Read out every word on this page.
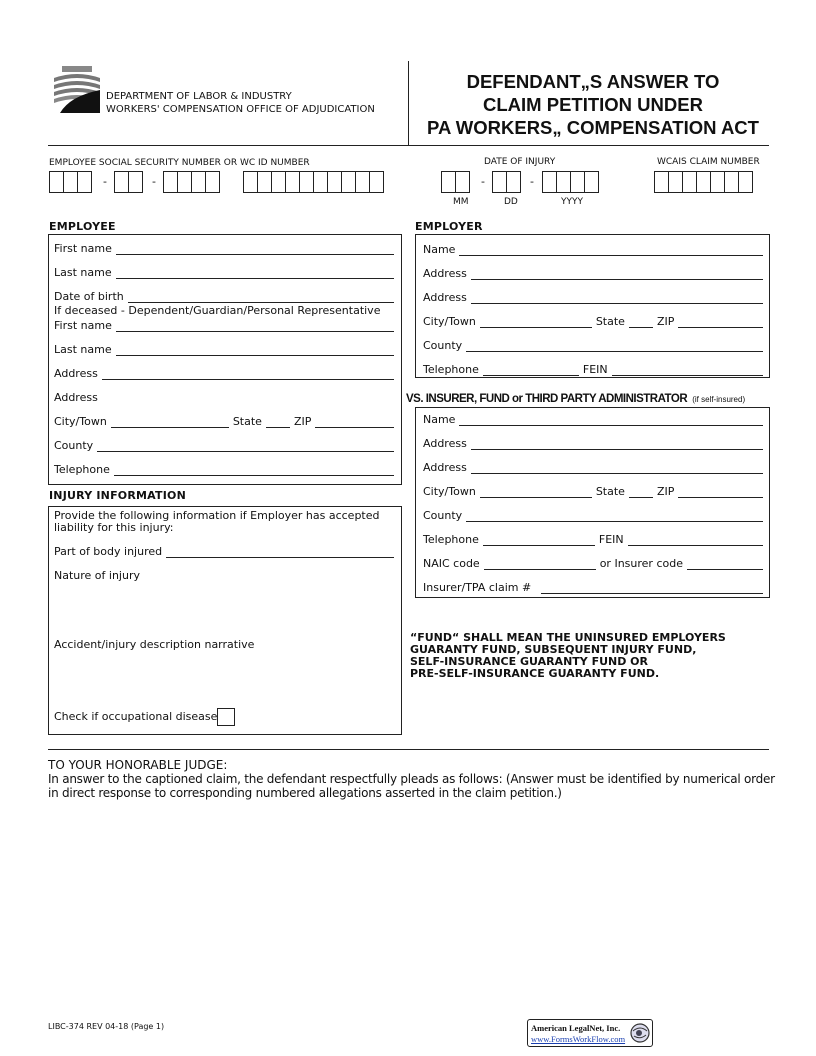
DEPARTMENT OF LABOR & INDUSTRY
WORKERS' COMPENSATION OFFICE OF ADJUDICATION
DEFENDANT„S ANSWER TO
CLAIM PETITION UNDER
PA WORKERS„ COMPENSATION ACT
EMPLOYEE SOCIAL SECURITY NUMBER OR WC ID NUMBER	DATE OF INJURY	WCAIS CLAIM NUMBER
-	-	-	-
MM	DD	YYYY
EMPLOYEE
First name
Last name
Date of birth
If deceased - Dependent/Guardian/Personal Representative
First name
Last name
Address
Address
City/Town	State	ZIP
County
Telephone
INJURY INFORMATION
Provide the following information if Employer has accepted liability for this injury:
Part of body injured
Nature of injury
Accident/injury description narrative
Check if occupational disease
EMPLOYER
Name
Address
Address
City/Town	State	ZIP
County
Telephone	FEIN
VS. INSURER, FUND or THIRD PARTY ADMINISTRATOR (if self-insured)
Name
Address
Address
City/Town	State	ZIP
County
Telephone	FEIN
NAIC code	or Insurer code
Insurer/TPA claim #
“FUND“ SHALL MEAN THE UNINSURED EMPLOYERS
GUARANTY FUND, SUBSEQUENT INJURY FUND,
SELF-INSURANCE GUARANTY FUND OR
PRE-SELF-INSURANCE GUARANTY FUND.
TO YOUR HONORABLE JUDGE:
In answer to the captioned claim, the defendant respectfully pleads as follows: (Answer must be identified by numerical order
in direct response to corresponding numbered allegations asserted in the claim petition.)
LIBC-374 REV 04-18 (Page 1)	American LegalNet, Inc.
www.FormsWorkFlow.com
